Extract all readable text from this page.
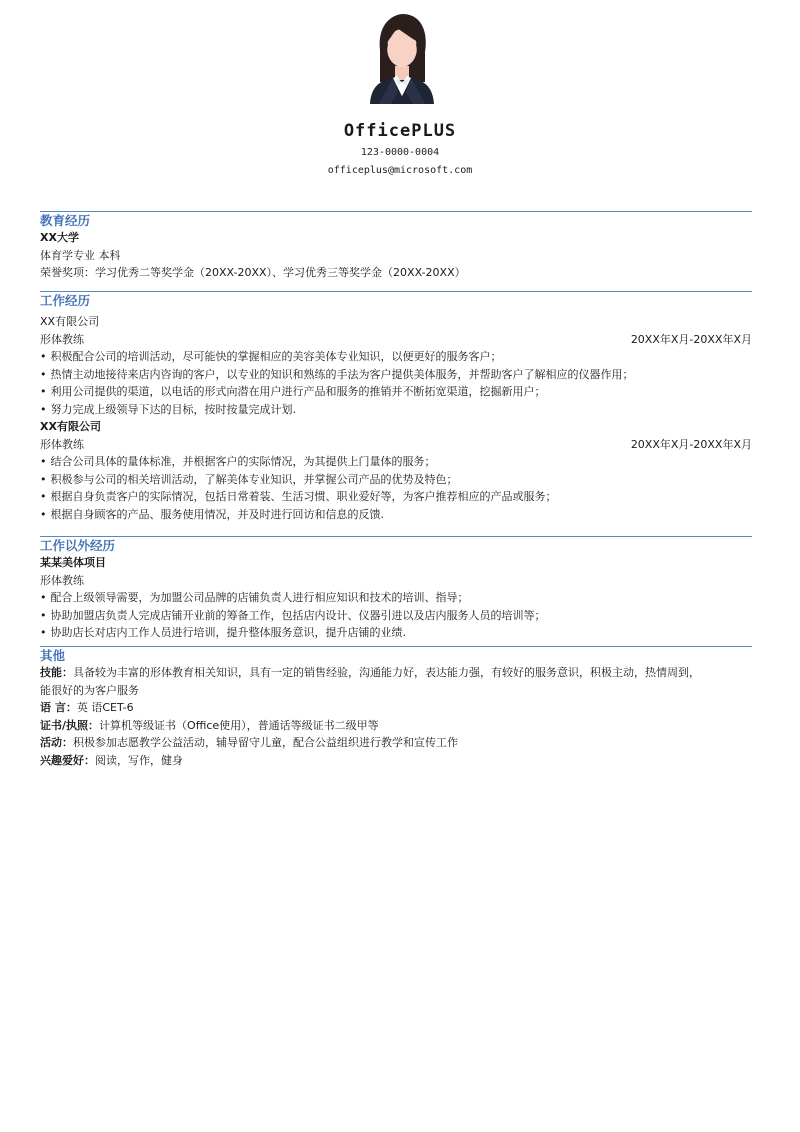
OfficePLUS
123-0000-0004
officeplus@microsoft.com
教育经历
XX大学
体育学专业 本科
荣誉奖项：学习优秀二等奖学金（20XX-20XX）、学习优秀三等奖学金（20XX-20XX）
工作经历
XX有限公司
形体教练	20XX年X月-20XX年X月
• 积极配合公司的培训活动，尽可能快的掌握相应的美容美体专业知识，以便更好的服务客户；
• 热情主动地接待来店内咨询的客户，以专业的知识和熟练的手法为客户提供美体服务，并帮助客户了解相应的仪器作用；
• 利用公司提供的渠道，以电话的形式向潜在用户进行产品和服务的推销并不断拓宽渠道，挖掘新用户；
• 努力完成上级领导下达的目标，按时按量完成计划.
XX有限公司
形体教练	20XX年X月-20XX年X月
• 结合公司具体的量体标准，并根据客户的实际情况，为其提供上门量体的服务；
• 积极参与公司的相关培训活动，了解美体专业知识，并掌握公司产品的优势及特色；
• 根据自身负责客户的实际情况，包括日常着装、生活习惯、职业爱好等，为客户推荐相应的产品或服务；
• 根据自身顾客的产品、服务使用情况，并及时进行回访和信息的反馈.
工作以外经历
某某美体项目
形体教练
• 配合上级领导需要，为加盟公司品牌的店铺负责人进行相应知识和技术的培训、指导；
• 协助加盟店负责人完成店铺开业前的筹备工作，包括店内设计、仪器引进以及店内服务人员的培训等；
• 协助店长对店内工作人员进行培训，提升整体服务意识，提升店铺的业绩.
其他
技能：具备较为丰富的形体教育相关知识，具有一定的销售经验，沟通能力好，表达能力强，有较好的服务意识，积极主动，热情周到，
能很好的为客户服务
语 言：英 语CET-6
证书/执照：计算机等级证书（Office使用），普通话等级证书二级甲等
活动：积极参加志愿教学公益活动，辅导留守儿童，配合公益组织进行教学和宣传工作
兴趣爱好：阅读，写作，健身
